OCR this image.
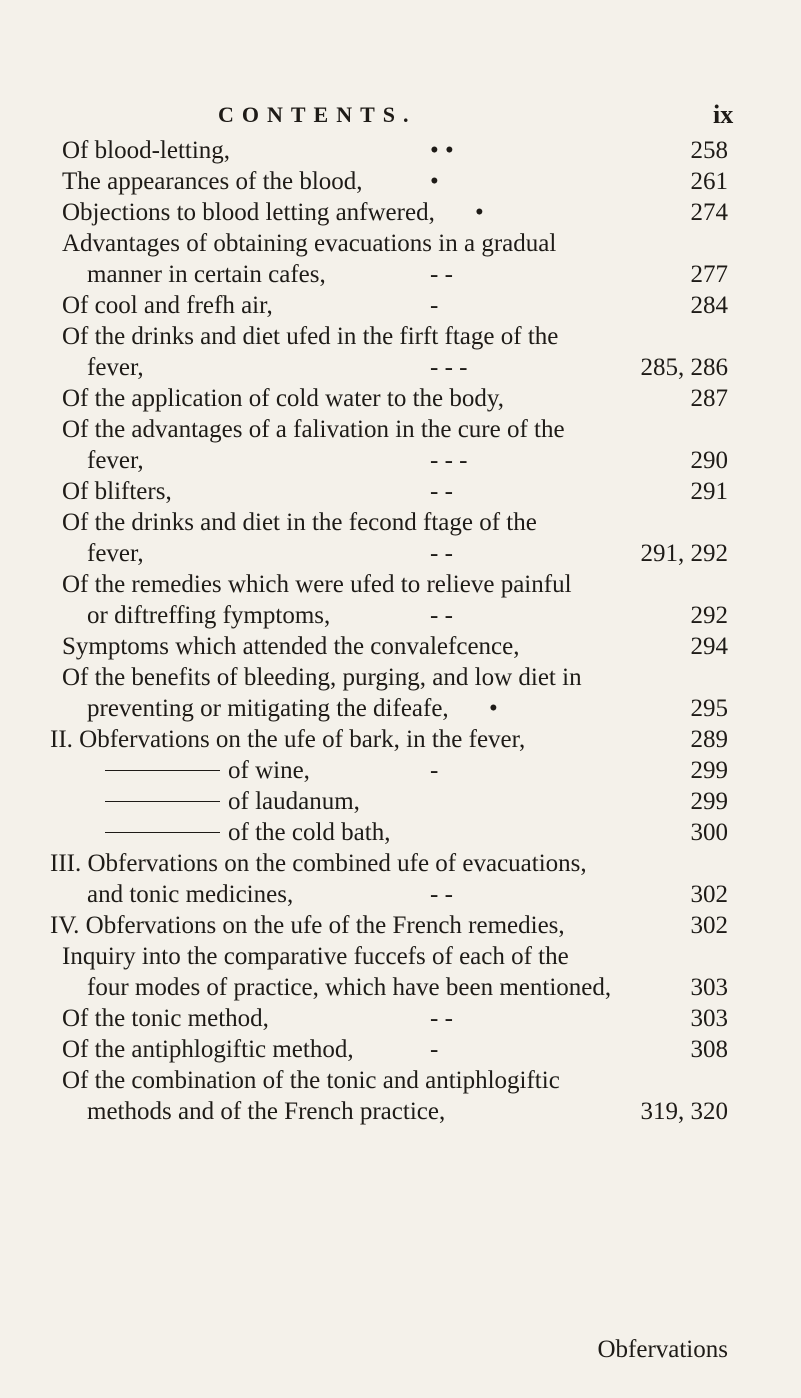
CONTENTS.	ix
Of blood-letting,	• •	258
The appearances of the blood,	•	261
Objections to blood letting anfwered, •	274
Advantages of obtaining evacuations in a gradual
manner in certain cafes,	- -	277
Of cool and frefh air,	-	284
Of the drinks and diet ufed in the firft ftage of the
fever,	- - -	285, 286
Of the application of cold water to the body,	287
Of the advantages of a falivation in the cure of the
fever,	- - -	290
Of blifters,	- -	291
Of the drinks and diet in the fecond ftage of the
fever,	- -	291, 292
Of the remedies which were ufed to relieve painful
or diftreffing fymptoms,	- -	292
Symptoms which attended the convalefcence,	294
Of the benefits of bleeding, purging, and low diet in
preventing or mitigating the difeafe, •	295
II. Obfervations on the ufe of bark, in the fever,	289
of wine,	-	299
of laudanum,	299
of the cold bath,	300
III. Obfervations on the combined ufe of evacuations,
and tonic medicines,	- -	302
IV. Obfervations on the ufe of the French remedies,	302
Inquiry into the comparative fuccefs of each of the
four modes of practice, which have been mentioned,	303
Of the tonic method,	- -	303
Of the antiphlogiftic method,	-	308
Of the combination of the tonic and antiphlogiftic
methods and of the French practice,	319, 320
Obfervations
